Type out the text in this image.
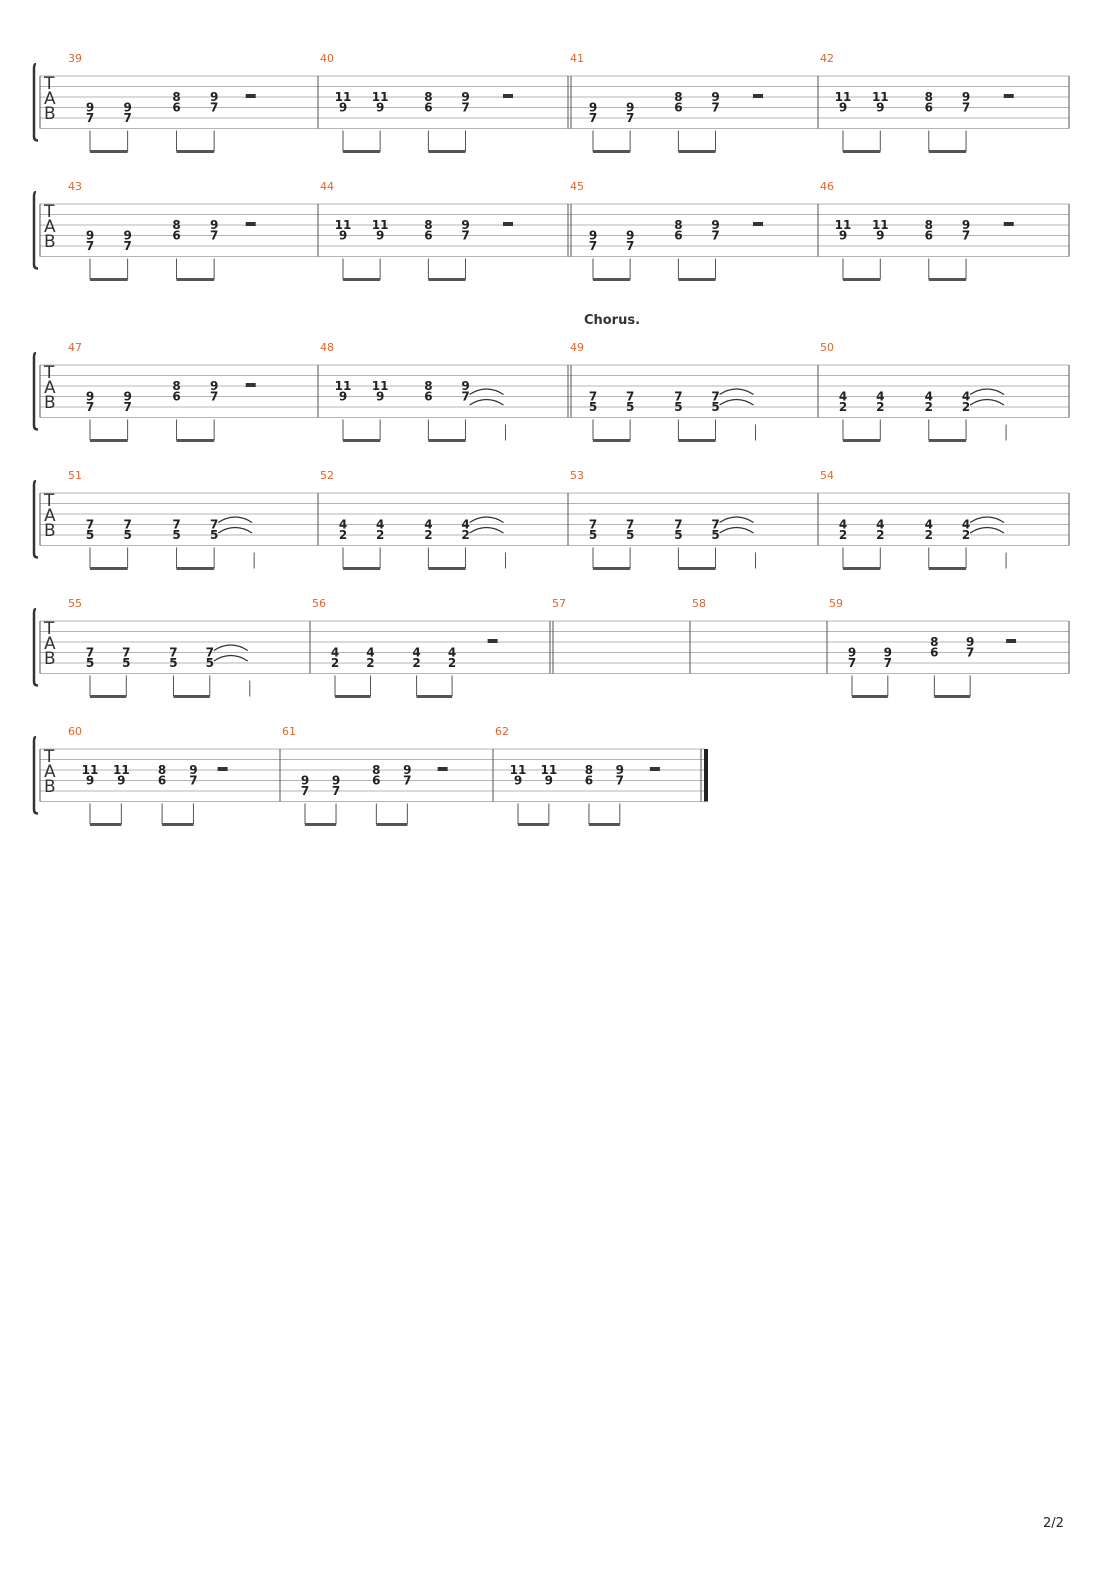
T
A
B
39
9
7
9
7
8
6
9
7
40
11
9
11
9
8
6
9
7
41
9
7
9
7
8
6
9
7
42
11
9
11
9
8
6
9
7
T
A
B
43
9
7
9
7
8
6
9
7
44
11
9
11
9
8
6
9
7
45
9
7
9
7
8
6
9
7
46
11
9
11
9
8
6
9
7
T
A
B
Chorus.
47
9
7
9
7
8
6
9
7
48
11
9
11
9
8
6
9
7
49
7
5
7
5
7
5
7
5
50
4
2
4
2
4
2
4
2
T
A
B
51
7
5
7
5
7
5
7
5
52
4
2
4
2
4
2
4
2
53
7
5
7
5
7
5
7
5
54
4
2
4
2
4
2
4
2
T
A
B
55
7
5
7
5
7
5
7
5
56
4
2
4
2
4
2
4
2
57	58	59
9
7
9
7
8
6
9
7
T
A
B
60
11
9
11
9
8
6
9
7
61
9
7
9
7
8
6
9
7
62
11
9
11
9
8
6
9
7
2/2
